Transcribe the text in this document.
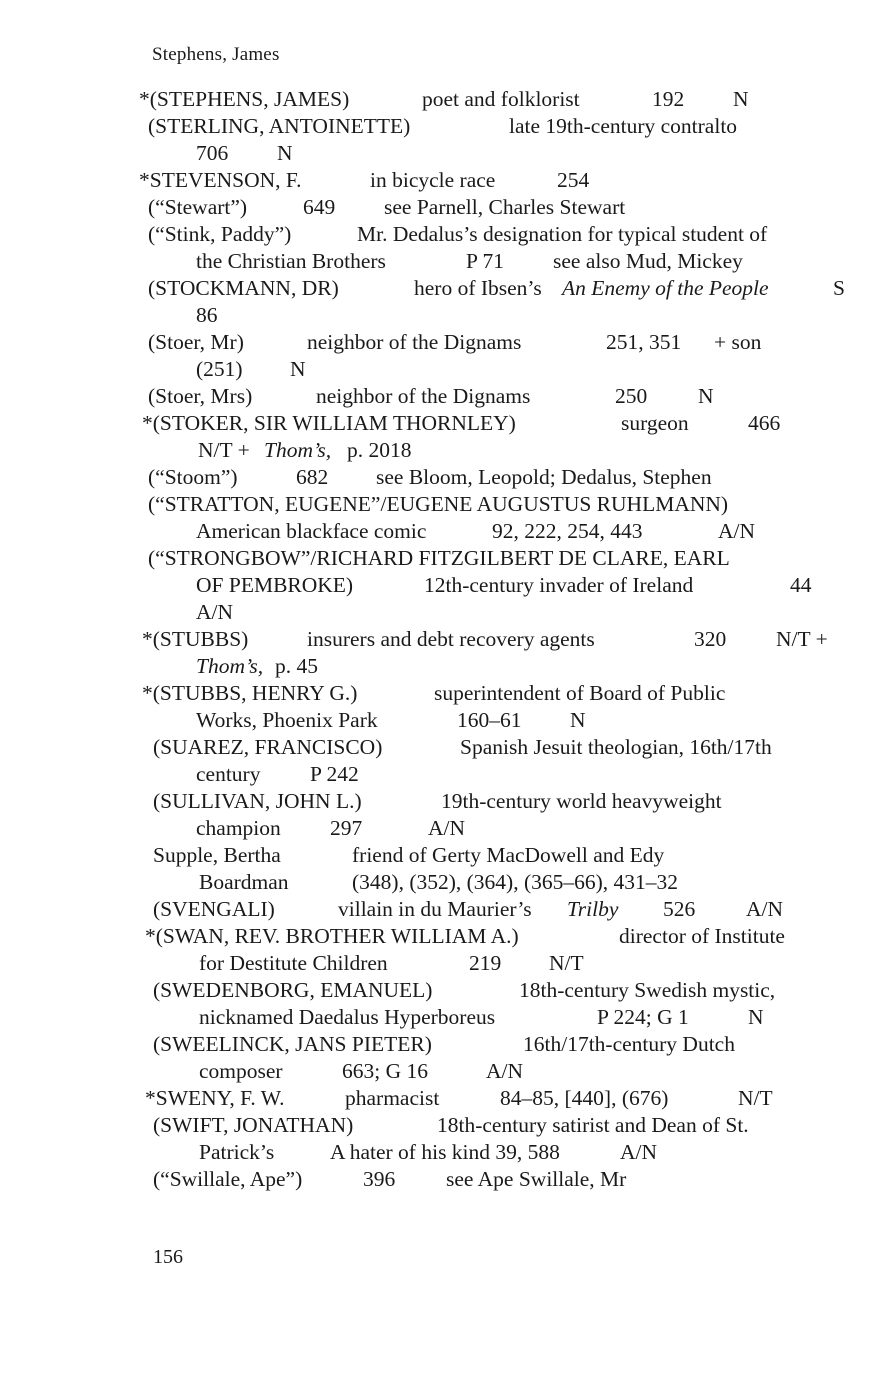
Stephens, James
*(STEPHENS, JAMES)	poet and folklorist	192 N
(STERLING, ANTOINETTE)	late 19th-century contralto
706 N
*STEVENSON, F.	in bicycle race	254
(“Stewart”)	649 see Parnell, Charles Stewart
(“Stink, Paddy”)	Mr. Dedalus’s designation for typical student of
the Christian Brothers	P 71 see also Mud, Mickey
(STOCKMANN, DR)	hero of Ibsen’s An Enemy of the People	S
86
(Stoer, Mr)	neighbor of the Dignams	251, 351 + son
(251) N
(Stoer, Mrs)	neighbor of the Dignams	250 N
*(STOKER, SIR WILLIAM THORNLEY)	surgeon	466
N/T + Thom’s, p. 2018
(“Stoom”)	682 see Bloom, Leopold; Dedalus, Stephen
(“STRATTON, EUGENE”/EUGENE AUGUSTUS RUHLMANN)
American blackface comic	92, 222, 254, 443	A/N
(“STRONGBOW”/RICHARD FITZGILBERT DE CLARE, EARL
OF PEMBROKE)	12th-century invader of Ireland	44
A/N
*(STUBBS)	insurers and debt recovery agents	320 N/T +
Thom’s, p. 45
*(STUBBS, HENRY G.)	superintendent of Board of Public
Works, Phoenix Park	160–61 N
(SUAREZ, FRANCISCO)	Spanish Jesuit theologian, 16th/17th
century P 242
(SULLIVAN, JOHN L.)	19th-century world heavyweight
champion 297	A/N
Supple, Bertha	friend of Gerty MacDowell and Edy
Boardman	(348), (352), (364), (365–66), 431–32
(SVENGALI)	villain in du Maurier’s Trilby 526 A/N
*(SWAN, REV. BROTHER WILLIAM A.)	director of Institute
for Destitute Children	219 N/T
(SWEDENBORG, EMANUEL)	18th-century Swedish mystic,
nicknamed Daedalus Hyperboreus	P 224; G 1	N
(SWEELINCK, JANS PIETER)	16th/17th-century Dutch
composer	663; G 16	A/N
*SWENY, F. W.	pharmacist	84–85, [440], (676)	N/T
(SWIFT, JONATHAN)	18th-century satirist and Dean of St.
Patrick’s	A hater of his kind 39, 588	A/N
(“Swillale, Ape”)	396 see Ape Swillale, Mr
156
